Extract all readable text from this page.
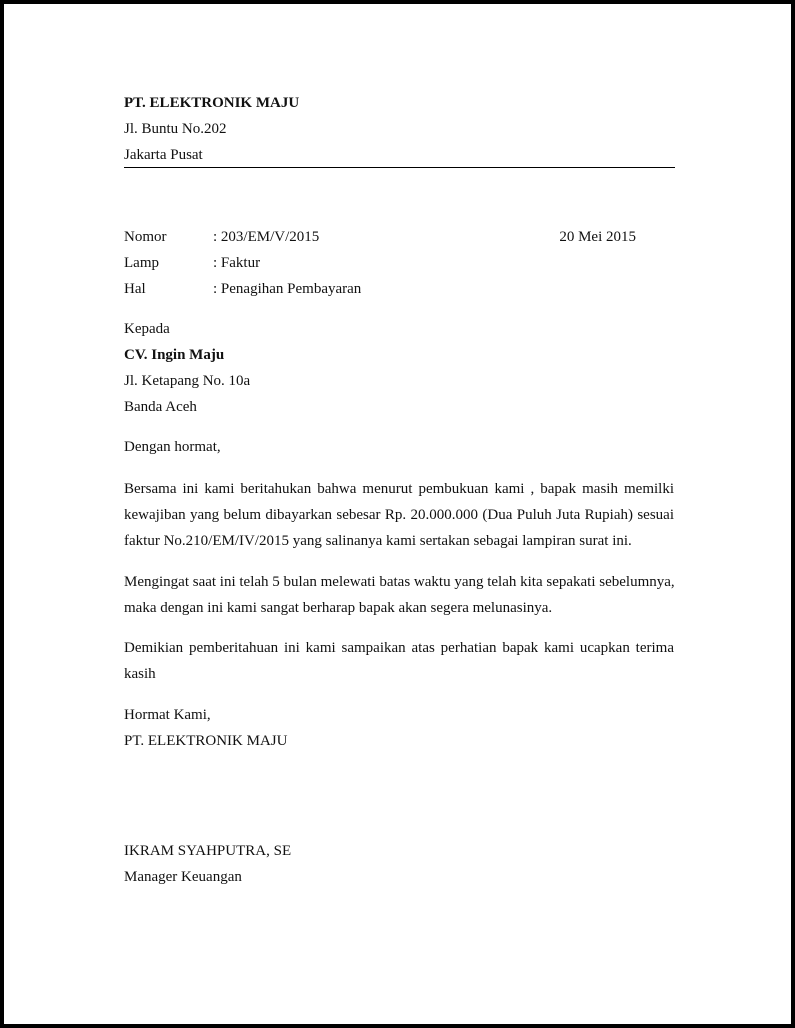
PT. ELEKTRONIK MAJU
Jl. Buntu No.202
Jakarta Pusat
Nomor	: 203/EM/V/2015	20 Mei 2015
Lamp	: Faktur
Hal	: Penagihan Pembayaran
Kepada
CV. Ingin Maju
Jl. Ketapang No. 10a
Banda Aceh
Dengan hormat,
Bersama ini kami beritahukan bahwa menurut pembukuan kami , bapak masih memilki
kewajiban yang belum dibayarkan sebesar Rp. 20.000.000 (Dua Puluh Juta Rupiah) sesuai
faktur No.210/EM/IV/2015 yang salinanya kami sertakan sebagai lampiran surat ini.
Mengingat saat ini telah 5 bulan melewati batas waktu yang telah kita sepakati sebelumnya,
maka dengan ini kami sangat berharap bapak akan segera melunasinya.
Demikian pemberitahuan ini kami sampaikan atas perhatian bapak kami ucapkan terima
kasih
Hormat Kami,
PT. ELEKTRONIK MAJU
IKRAM SYAHPUTRA, SE
Manager Keuangan
